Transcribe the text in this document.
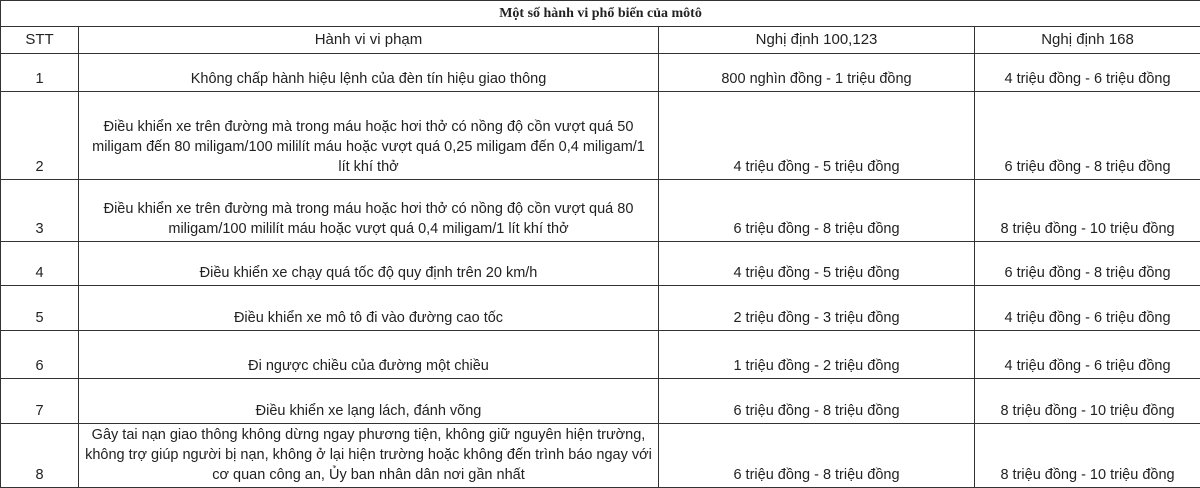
Một số hành vi phổ biến của môtô			
STT	Hành vi vi phạm	Nghị định 100,123	Nghị định 168
1	Không chấp hành hiệu lệnh của đèn tín hiệu giao thông	800 nghìn đồng - 1 triệu đồng	4 triệu đồng - 6 triệu đồng
2	Điều khiển xe trên đường mà trong máu hoặc hơi thở có nồng độ cồn vượt quá 50 miligam đến 80 miligam/100 mililít máu hoặc vượt quá 0,25 miligam đến 0,4 miligam/1 lít khí thở	4 triệu đồng - 5 triệu đồng	6 triệu đồng - 8 triệu đồng
3	Điều khiển xe trên đường mà trong máu hoặc hơi thở có nồng độ cồn vượt quá 80 miligam/100 mililít máu hoặc vượt quá 0,4 miligam/1 lít khí thở	6 triệu đồng - 8 triệu đồng	8 triệu đồng - 10 triệu đồng
4	Điều khiển xe chạy quá tốc độ quy định trên 20 km/h	4 triệu đồng - 5 triệu đồng	6 triệu đồng - 8 triệu đồng
5	Điều khiển xe mô tô đi vào đường cao tốc	2 triệu đồng - 3 triệu đồng	4 triệu đồng - 6 triệu đồng
6	Đi ngược chiều của đường một chiều	1 triệu đồng - 2 triệu đồng	4 triệu đồng - 6 triệu đồng
7	Điều khiển xe lạng lách, đánh võng	6 triệu đồng - 8 triệu đồng	8 triệu đồng - 10 triệu đồng
8	Gây tai nạn giao thông không dừng ngay phương tiện, không giữ nguyên hiện trường, không trợ giúp người bị nạn, không ở lại hiện trường hoặc không đến trình báo ngay với cơ quan công an, Ủy ban nhân dân nơi gần nhất	6 triệu đồng - 8 triệu đồng	8 triệu đồng - 10 triệu đồng
